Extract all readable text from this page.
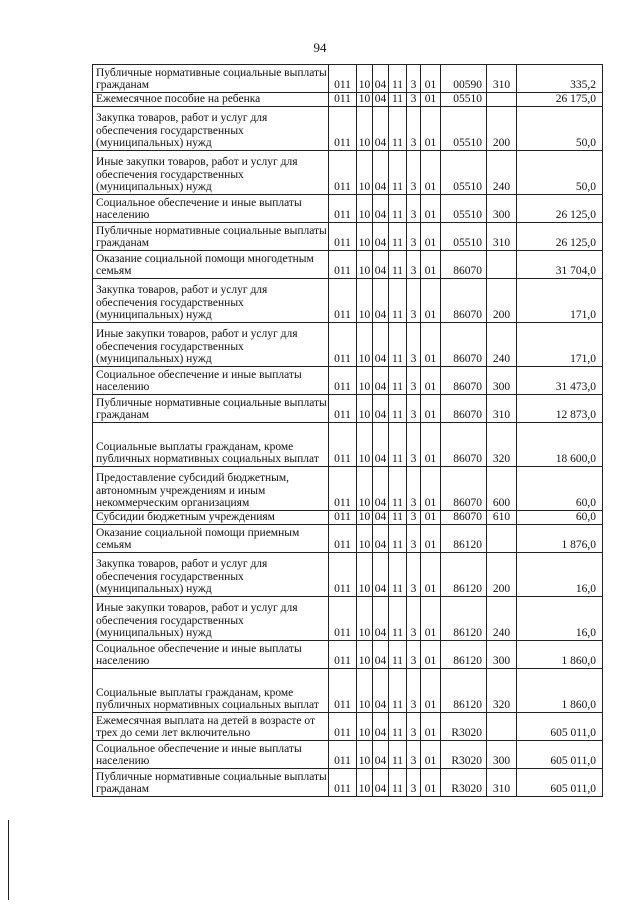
94
Публичные нормативные социальные выплаты гражданам	011	10	04	11	3	01	00590	310	335,2
Ежемесячное пособие на ребенка	011	10	04	11	3	01	05510		26 175,0
Закупка товаров, работ и услуг для обеспечения государственных (муниципальных) нужд	011	10	04	11	3	01	05510	200	50,0
Иные закупки товаров, работ и услуг для обеспечения государственных (муниципальных) нужд	011	10	04	11	3	01	05510	240	50,0
Социальное обеспечение и иные выплаты населению	011	10	04	11	3	01	05510	300	26 125,0
Публичные нормативные социальные выплаты гражданам	011	10	04	11	3	01	05510	310	26 125,0
Оказание социальной помощи многодетным семьям	011	10	04	11	3	01	86070		31 704,0
Закупка товаров, работ и услуг для обеспечения государственных (муниципальных) нужд	011	10	04	11	3	01	86070	200	171,0
Иные закупки товаров, работ и услуг для обеспечения государственных (муниципальных) нужд	011	10	04	11	3	01	86070	240	171,0
Социальное обеспечение и иные выплаты населению	011	10	04	11	3	01	86070	300	31 473,0
Публичные нормативные социальные выплаты гражданам	011	10	04	11	3	01	86070	310	12 873,0
Социальные выплаты гражданам, кроме публичных нормативных социальных выплат	011	10	04	11	3	01	86070	320	18 600,0
Предоставление субсидий бюджетным, автономным учреждениям и иным некоммерческим организациям	011	10	04	11	3	01	86070	600	60,0
Субсидии бюджетным учреждениям	011	10	04	11	3	01	86070	610	60,0
Оказание социальной помощи приемным семьям	011	10	04	11	3	01	86120		1 876,0
Закупка товаров, работ и услуг для обеспечения государственных (муниципальных) нужд	011	10	04	11	3	01	86120	200	16,0
Иные закупки товаров, работ и услуг для обеспечения государственных (муниципальных) нужд	011	10	04	11	3	01	86120	240	16,0
Социальное обеспечение и иные выплаты населению	011	10	04	11	3	01	86120	300	1 860,0
Социальные выплаты гражданам, кроме публичных нормативных социальных выплат	011	10	04	11	3	01	86120	320	1 860,0
Ежемесячная выплата на детей в возрасте от трех до семи лет включительно	011	10	04	11	3	01	R3020		605 011,0
Социальное обеспечение и иные выплаты населению	011	10	04	11	3	01	R3020	300	605 011,0
Публичные нормативные социальные выплаты гражданам	011	10	04	11	3	01	R3020	310	605 011,0
